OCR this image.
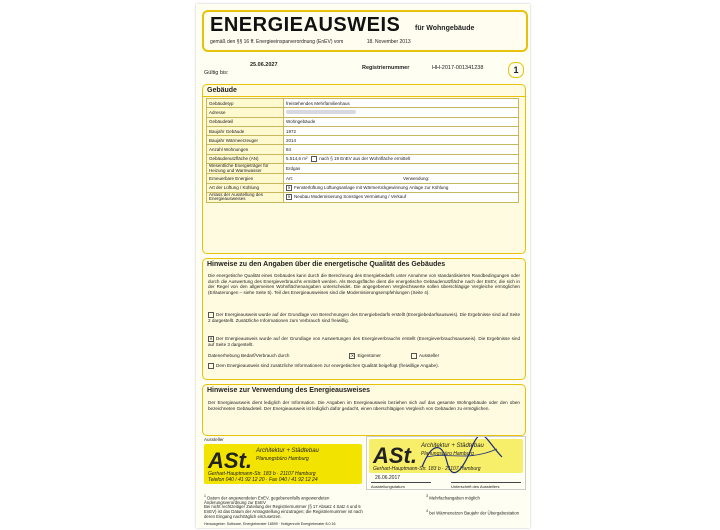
ENERGIEAUSWEIS für Wohngebäude
gemäß den §§ 16 ff. Energieeinsparverordnung (EnEV) vom	18. November 2013
Gültig bis:
25.06.2027	Registriernummer	HH-2017-001341238	1
Gebäude
Gebäudetyp	freistehendes Mehrfamilienhaus
Adresse	
Gebäudeteil	Wohngebäude
Baujahr Gebäude	1972
Baujahr Wärmeerzeuger	2014
Anzahl Wohnungen	84
Gebäudenutzfläche (AN)	5.514,6 m² nach § 19 EnEV aus der Wohnfläche ermittelt
Wesentliche Energieträger für Heizung und Warmwasser	Erdgas
Erneuerbare Energien	Art: Verwendung:
Art der Lüftung / Kühlung	✕Fensterlüftung Lüftungsanlage mit Wärmerückgewinnung Anlage zur Kühlung
Anlass der Ausstellung des Energieausweises	✕Neubau Modernisierung Sonstiges Vermietung / Verkauf
Hinweise zu den Angaben über die energetische Qualität des Gebäudes
Die energetische Qualität eines Gebäudes kann durch die Berechnung des Energiebedarfs unter Annahme von standardisierten Randbedingungen oder durch die Auswertung des Energieverbrauchs ermittelt werden. Als Bezugsfläche dient die energetische Gebäudenutzfläche nach der EnEV, die sich in der Regel von den allgemeinen Wohnflächenangaben unterscheidet. Die angegebenen Vergleichswerte sollen überschlägige Vergleiche ermöglichen (Erläuterungen – siehe Seite 5). Teil des Energieausweises sind die Modernisierungsempfehlungen (Seite 4).
Der Energieausweis wurde auf der Grundlage von Berechnungen des Energiebedarfs erstellt (Energiebedarfsausweis). Die Ergebnisse sind auf Seite 2 dargestellt. Zusätzliche Informationen zum Verbrauch sind freiwillig.
✕Der Energieausweis wurde auf der Grundlage von Auswertungen des Energieverbrauchs erstellt (Energieverbrauchsausweis). Die Ergebnisse sind auf Seite 3 dargestellt.
Datenerhebung Bedarf/Verbrauch durch ✕	Eigentümer	Aussteller
Dem Energieausweis sind zusätzliche Informationen zur energetischen Qualität beigefügt (freiwillige Angabe).
Hinweise zur Verwendung des Energieausweises
Der Energieausweis dient lediglich der Information. Die Angaben im Energieausweis beziehen sich auf das gesamte Wohngebäude oder den oben bezeichneten Gebäudeteil. Der Energieausweis ist lediglich dafür gedacht, einen überschlägigen Vergleich von Gebäuden zu ermöglichen.
Aussteller
ASt. Architektur + Städtebau
Planungsbüro Hamburg
Gerhart-Hauptmann-Str. 183 b · 21107 Hamburg
Telefon 040 / 41 92 12 20 · Fax 040 / 41 92 12 24
ASt. Architektur + Städtebau
Planungsbüro Hamburg
Gerhart-Hauptmann-Str. 183 b · 21107 Hamburg
26.06.2017
Ausstellungsdatum	Unterschrift des Ausstellers
$^1$ Datum der angewendeten EnEV, gegebenenfalls angewendeten Änderungsverordnung zur EnEV
Bei nicht rechtzeitiger Zuteilung der Registriernummer (§ 17 Absatz 4 Satz 4 und 5 EnEV) ist das Datum der Antragstellung einzutragen; die Registriernummer ist nach deren Eingang nachträglich einzusetzen.
$^3$ Mehrfachangaben möglich
$^4$ bei Wärmenetzen Baujahr der Übergabestation
Herausgeber: Software, Energieberater 18599 · Hottgenroth Energieberater 8.0.16
